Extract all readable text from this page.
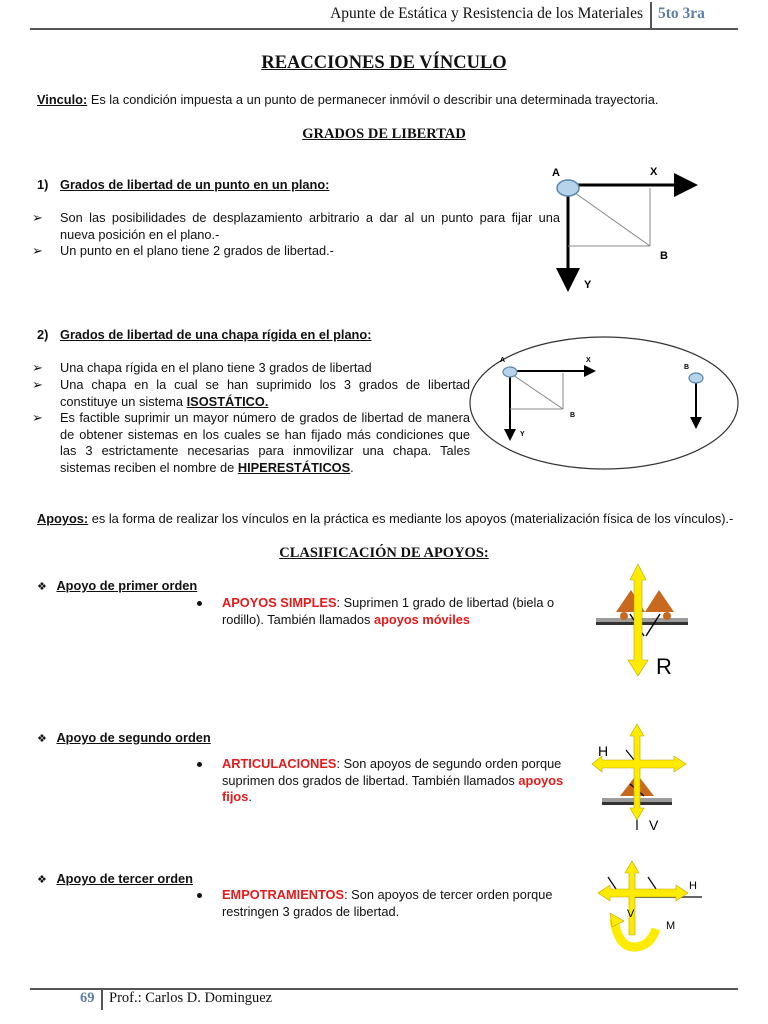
Apunte de Estática y Resistencia de los Materiales 5to 3ra
REACCIONES DE VÍNCULO
Vinculo: Es la condición impuesta a un punto de permanecer inmóvil o describir una determinada trayectoria.
GRADOS DE LIBERTAD
1) Grados de libertad de un punto en un plano:
➢ Son las posibilidades de desplazamiento arbitrario a dar al un punto para fijar una nueva posición en el plano.-
➢ Un punto en el plano tiene 2 grados de libertad.-
A	X
B
Y
2) Grados de libertad de una chapa rígida en el plano:
➢ Una chapa rígida en el plano tiene 3 grados de libertad
➢ Una chapa en la cual se han suprimido los 3 grados de libertad constituye un sistema ISOSTÁTICO.
➢ Es factible suprimir un mayor número de grados de libertad de manera de obtener sistemas en los cuales se han fijado más condiciones que las 3 estrictamente necesarias para inmovilizar una chapa. Tales sistemas reciben el nombre de HIPERESTÁTICOS.
A	X
B
Y
B
Apoyos: es la forma de realizar los vínculos en la práctica es mediante los apoyos (materialización física de los vínculos).-
CLASIFICACIÓN DE APOYOS:
❖ Apoyo de primer orden
APOYOS SIMPLES: Suprimen 1 grado de libertad (biela o rodillo). También llamados apoyos móviles
R
❖ Apoyo de segundo orden
ARTICULACIONES: Son apoyos de segundo orden porque suprimen dos grados de libertad. También llamados apoyos fijos.
H
V
❖ Apoyo de tercer orden
EMPOTRAMIENTOS: Son apoyos de tercer orden porque restringen 3 grados de libertad.
H
V
M
69 Prof.: Carlos D. Dominguez
